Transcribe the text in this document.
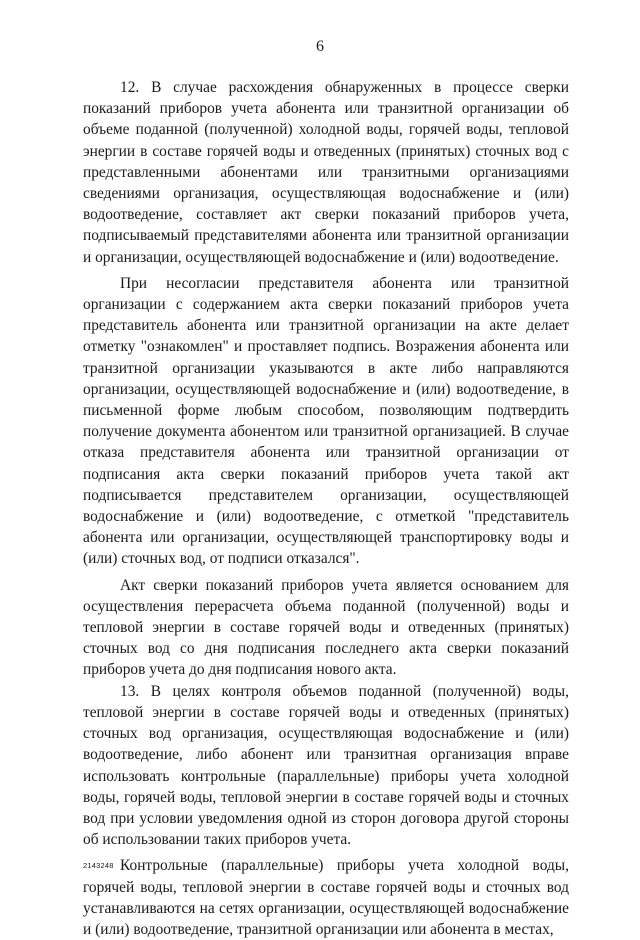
6

12. В случае расхождения обнаруженных в процессе сверки показаний приборов учета абонента или транзитной организации об объеме поданной (полученной) холодной воды, горячей воды, тепловой энергии в составе горячей воды и отведенных (принятых) сточных вод с представленными абонентами или транзитными организациями сведениями организация, осуществляющая водоснабжение и (или) водоотведение, составляет акт сверки показаний приборов учета, подписываемый представителями абонента или транзитной организации и организации, осуществляющей водоснабжение и (или) водоотведение.

При несогласии представителя абонента или транзитной организации с содержанием акта сверки показаний приборов учета представитель абонента или транзитной организации на акте делает отметку "ознакомлен" и проставляет подпись. Возражения абонента или транзитной организации указываются в акте либо направляются организации, осуществляющей водоснабжение и (или) водоотведение, в письменной форме любым способом, позволяющим подтвердить получение документа абонентом или транзитной организацией. В случае отказа представителя абонента или транзитной организации от подписания акта сверки показаний приборов учета такой акт подписывается представителем организации, осуществляющей водоснабжение и (или) водоотведение, с отметкой "представитель абонента или организации, осуществляющей транспортировку воды и (или) сточных вод, от подписи отказался".

Акт сверки показаний приборов учета является основанием для осуществления перерасчета объема поданной (полученной) воды и тепловой энергии в составе горячей воды и отведенных (принятых) сточных вод со дня подписания последнего акта сверки показаний приборов учета до дня подписания нового акта.

13. В целях контроля объемов поданной (полученной) воды, тепловой энергии в составе горячей воды и отведенных (принятых) сточных вод организация, осуществляющая водоснабжение и (или) водоотведение, либо абонент или транзитная организация вправе использовать контрольные (параллельные) приборы учета холодной воды, горячей воды, тепловой энергии в составе горячей воды и сточных вод при условии уведомления одной из сторон договора другой стороны об использовании таких приборов учета.

Контрольные (параллельные) приборы учета холодной воды, горячей воды, тепловой энергии в составе горячей воды и сточных вод устанавливаются на сетях организации, осуществляющей водоснабжение и (или) водоотведение, транзитной организации или абонента в местах,

2143248
